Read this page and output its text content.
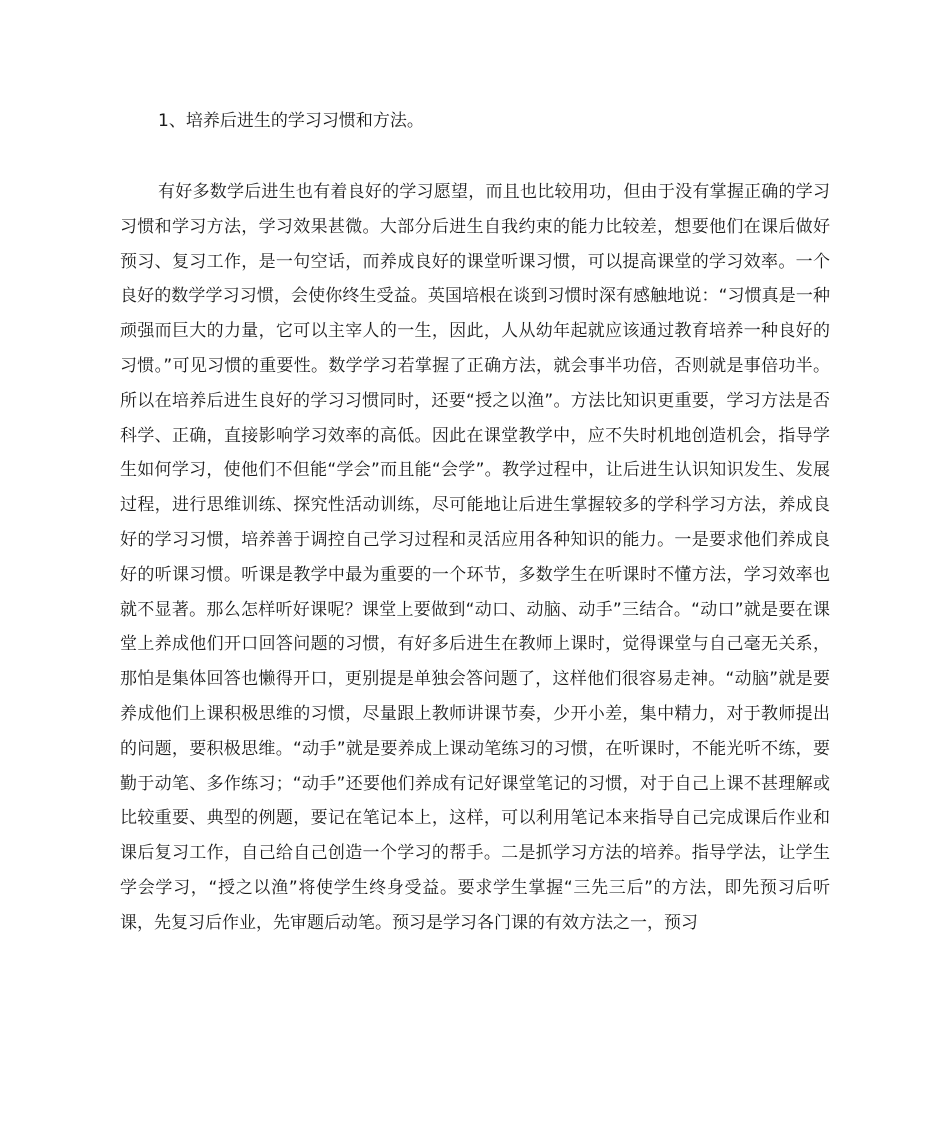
1、培养后进生的学习习惯和方法。

有好多数学后进生也有着良好的学习愿望，而且也比较用功，但由于没有掌握正确的学习习惯和学习方法，学习效果甚微。大部分后进生自我约束的能力比较差，想要他们在课后做好预习、复习工作，是一句空话，而养成良好的课堂听课习惯，可以提高课堂的学习效率。一个良好的数学学习习惯，会使你终生受益。英国培根在谈到习惯时深有感触地说：“习惯真是一种顽强而巨大的力量，它可以主宰人的一生，因此，人从幼年起就应该通过教育培养一种良好的习惯。”可见习惯的重要性。数学学习若掌握了正确方法，就会事半功倍，否则就是事倍功半。所以在培养后进生良好的学习习惯同时，还要“授之以渔”。方法比知识更重要，学习方法是否科学、正确，直接影响学习效率的高低。因此在课堂教学中，应不失时机地创造机会，指导学生如何学习，使他们不但能“学会”而且能“会学”。教学过程中，让后进生认识知识发生、发展过程，进行思维训练、探究性活动训练，尽可能地让后进生掌握较多的学科学习方法，养成良好的学习习惯，培养善于调控自己学习过程和灵活应用各种知识的能力。一是要求他们养成良好的听课习惯。听课是教学中最为重要的一个环节，多数学生在听课时不懂方法，学习效率也就不显著。那么怎样听好课呢？课堂上要做到“动口、动脑、动手”三结合。“动口”就是要在课堂上养成他们开口回答问题的习惯，有好多后进生在教师上课时，觉得课堂与自己毫无关系，那怕是集体回答也懒得开口，更别提是单独会答问题了，这样他们很容易走神。“动脑”就是要养成他们上课积极思维的习惯，尽量跟上教师讲课节奏，少开小差，集中精力，对于教师提出的问题，要积极思维。“动手”就是要养成上课动笔练习的习惯，在听课时，不能光听不练，要勤于动笔、多作练习；“动手”还要他们养成有记好课堂笔记的习惯，对于自己上课不甚理解或比较重要、典型的例题，要记在笔记本上，这样，可以利用笔记本来指导自己完成课后作业和课后复习工作，自己给自己创造一个学习的帮手。二是抓学习方法的培养。指导学法，让学生学会学习，“授之以渔”将使学生终身受益。要求学生掌握“三先三后”的方法，即先预习后听课，先复习后作业，先审题后动笔。预习是学习各门课的有效方法之一，预习
